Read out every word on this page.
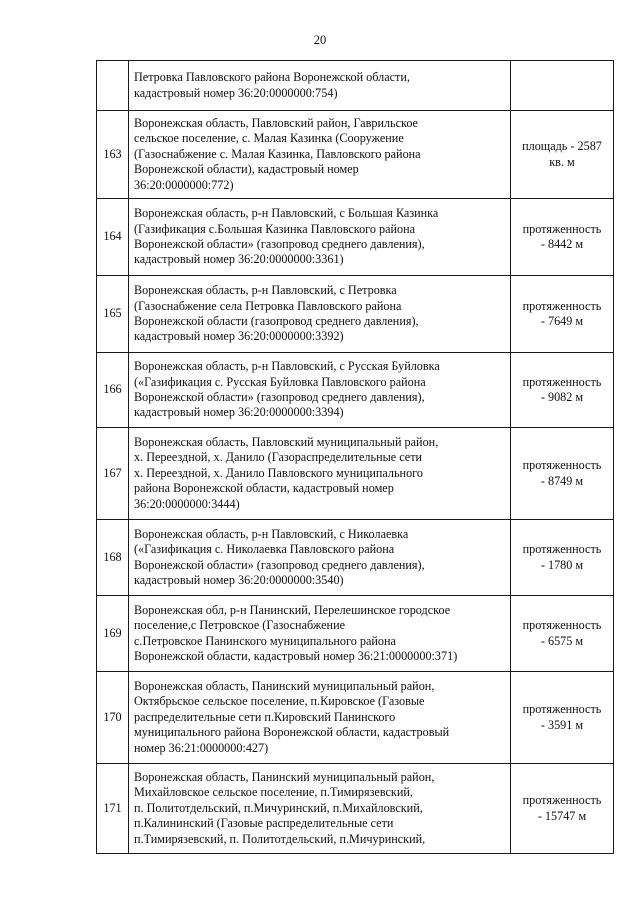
20
	Петровка Павловского района Воронежской области,
кадастровый номер 36:20:0000000:754)	
163	Воронежская область, Павловский район, Гаврильское
сельское поселение, с. Малая Казинка (Сооружение
(Газоснабжение с. Малая Казинка, Павловского района
Воронежской области), кадастровый номер
36:20:0000000:772)	площадь - 2587
кв. м
164	Воронежская область, р-н Павловский, с Большая Казинка
(Газификация с.Большая Казинка Павловского района
Воронежской области» (газопровод среднего давления),
кадастровый номер 36:20:0000000:3361)	протяженность
- 8442 м
165	Воронежская область, р-н Павловский, с Петровка
(Газоснабжение села Петровка Павловского района
Воронежской области (газопровод среднего давления),
кадастровый номер 36:20:0000000:3392)	протяженность
- 7649 м
166	Воронежская область, р-н Павловский, с Русская Буйловка
(«Газификация с. Русская Буйловка Павловского района
Воронежской области» (газопровод среднего давления),
кадастровый номер 36:20:0000000:3394)	протяженность
- 9082 м
167	Воронежская область, Павловский муниципальный район,
х. Переездной, х. Данило (Газораспределительные сети
х. Переездной, х. Данило Павловского муниципального
района Воронежской области, кадастровый номер
36:20:0000000:3444)	протяженность
- 8749 м
168	Воронежская область, р-н Павловский, с Николаевка
(«Газификация с. Николаевка Павловского района
Воронежской области» (газопровод среднего давления),
кадастровый номер 36:20:0000000:3540)	протяженность
- 1780 м
169	Воронежская обл, р-н Панинский, Перелешинское городское
поселение,с Петровское (Газоснабжение
с.Петровское Панинского муниципального района
Воронежской области, кадастровый номер 36:21:0000000:371)	протяженность
- 6575 м
170	Воронежская область, Панинский муниципальный район,
Октябрьское сельское поселение, п.Кировское (Газовые
распределительные сети п.Кировский Панинского
муниципального района Воронежской области, кадастровый
номер 36:21:0000000:427)	протяженность
- 3591 м
171	Воронежская область, Панинский муниципальный район,
Михайловское сельское поселение, п.Тимирязевский,
п. Политотдельский, п.Мичуринский, п.Михайловский,
п.Калининский (Газовые распределительные сети
п.Тимирязевский, п. Политотдельский, п.Мичуринский,	протяженность
- 15747 м
